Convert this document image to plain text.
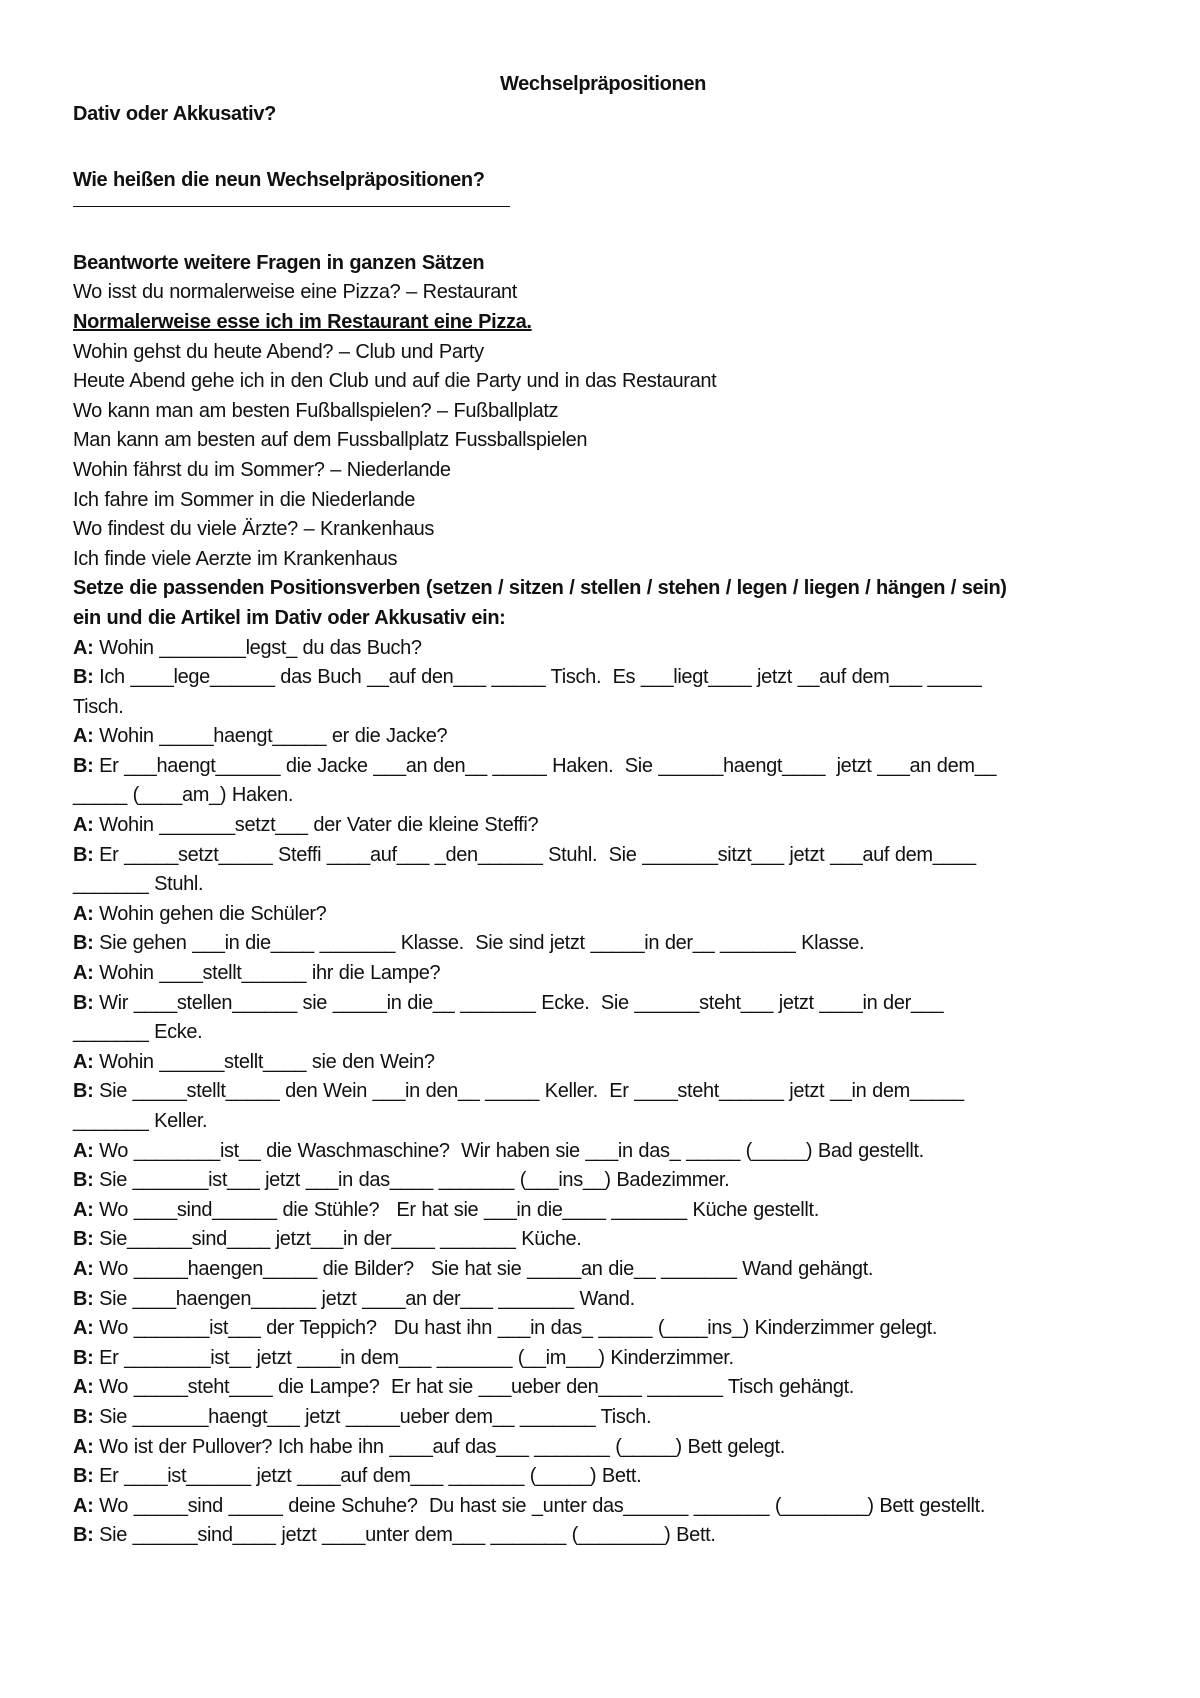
Wechselpräpositionen

Dativ oder Akkusativ?

Wie heißen die neun Wechselpräpositionen?

Beantworte weitere Fragen in ganzen Sätzen

Wo isst du normalerweise eine Pizza? – Restaurant

Normalerweise esse ich im Restaurant eine Pizza.

Wohin gehst du heute Abend? – Club und Party

Heute Abend gehe ich in den Club und auf die Party und in das Restaurant

Wo kann man am besten Fußballspielen? – Fußballplatz

Man kann am besten auf dem Fussballplatz Fussballspielen

Wohin fährst du im Sommer? – Niederlande

Ich fahre im Sommer in die Niederlande

Wo findest du viele Ärzte? – Krankenhaus

Ich finde viele Aerzte im Krankenhaus

Setze die passenden Positionsverben (setzen / sitzen / stellen / stehen / legen / liegen / hängen / sein)

ein und die Artikel im Dativ oder Akkusativ ein:

A: Wohin ________legst_ du das Buch?

B: Ich ____lege______ das Buch __auf den___ _____ Tisch.  Es ___liegt____ jetzt __auf dem___ _____

Tisch.

A: Wohin _____haengt_____ er die Jacke?

B: Er ___haengt______ die Jacke ___an den__ _____ Haken.  Sie ______haengt____  jetzt ___an dem__

_____ (____am_) Haken.

A: Wohin _______setzt___ der Vater die kleine Steffi?

B: Er _____setzt_____ Steffi ____auf___ _den______ Stuhl.  Sie _______sitzt___ jetzt ___auf dem____

_______ Stuhl.

A: Wohin gehen die Schüler?

B: Sie gehen ___in die____ _______ Klasse.  Sie sind jetzt _____in der__ _______ Klasse.

A: Wohin ____stellt______ ihr die Lampe?

B: Wir ____stellen______ sie _____in die__ _______ Ecke.  Sie ______steht___ jetzt ____in der___

_______ Ecke.

A: Wohin ______stellt____ sie den Wein?

B: Sie _____stellt_____ den Wein ___in den__ _____ Keller.  Er ____steht______ jetzt __in dem_____

_______ Keller.

A: Wo ________ist__ die Waschmaschine?  Wir haben sie ___in das_ _____ (_____) Bad gestellt.

B: Sie _______ist___ jetzt ___in das____ _______ (___ins__) Badezimmer.

A: Wo ____sind______ die Stühle?   Er hat sie ___in die____ _______ Küche gestellt.

B: Sie______sind____ jetzt___in der____ _______ Küche.

A: Wo _____haengen_____ die Bilder?   Sie hat sie _____an die__ _______ Wand gehängt.

B: Sie ____haengen______ jetzt ____an der___ _______ Wand.

A: Wo _______ist___ der Teppich?   Du hast ihn ___in das_ _____ (____ins_) Kinderzimmer gelegt.

B: Er ________ist__ jetzt ____in dem___ _______ (__im___) Kinderzimmer.

A: Wo _____steht____ die Lampe?  Er hat sie ___ueber den____ _______ Tisch gehängt.

B: Sie _______haengt___ jetzt _____ueber dem__ _______ Tisch.

A: Wo ist der Pullover? Ich habe ihn ____auf das___ _______ (_____) Bett gelegt.

B: Er ____ist______ jetzt ____auf dem___ _______ (_____) Bett.

A: Wo _____sind _____ deine Schuhe?  Du hast sie _unter das______ _______ (________) Bett gestellt.

B: Sie ______sind____ jetzt ____unter dem___ _______ (________) Bett.
